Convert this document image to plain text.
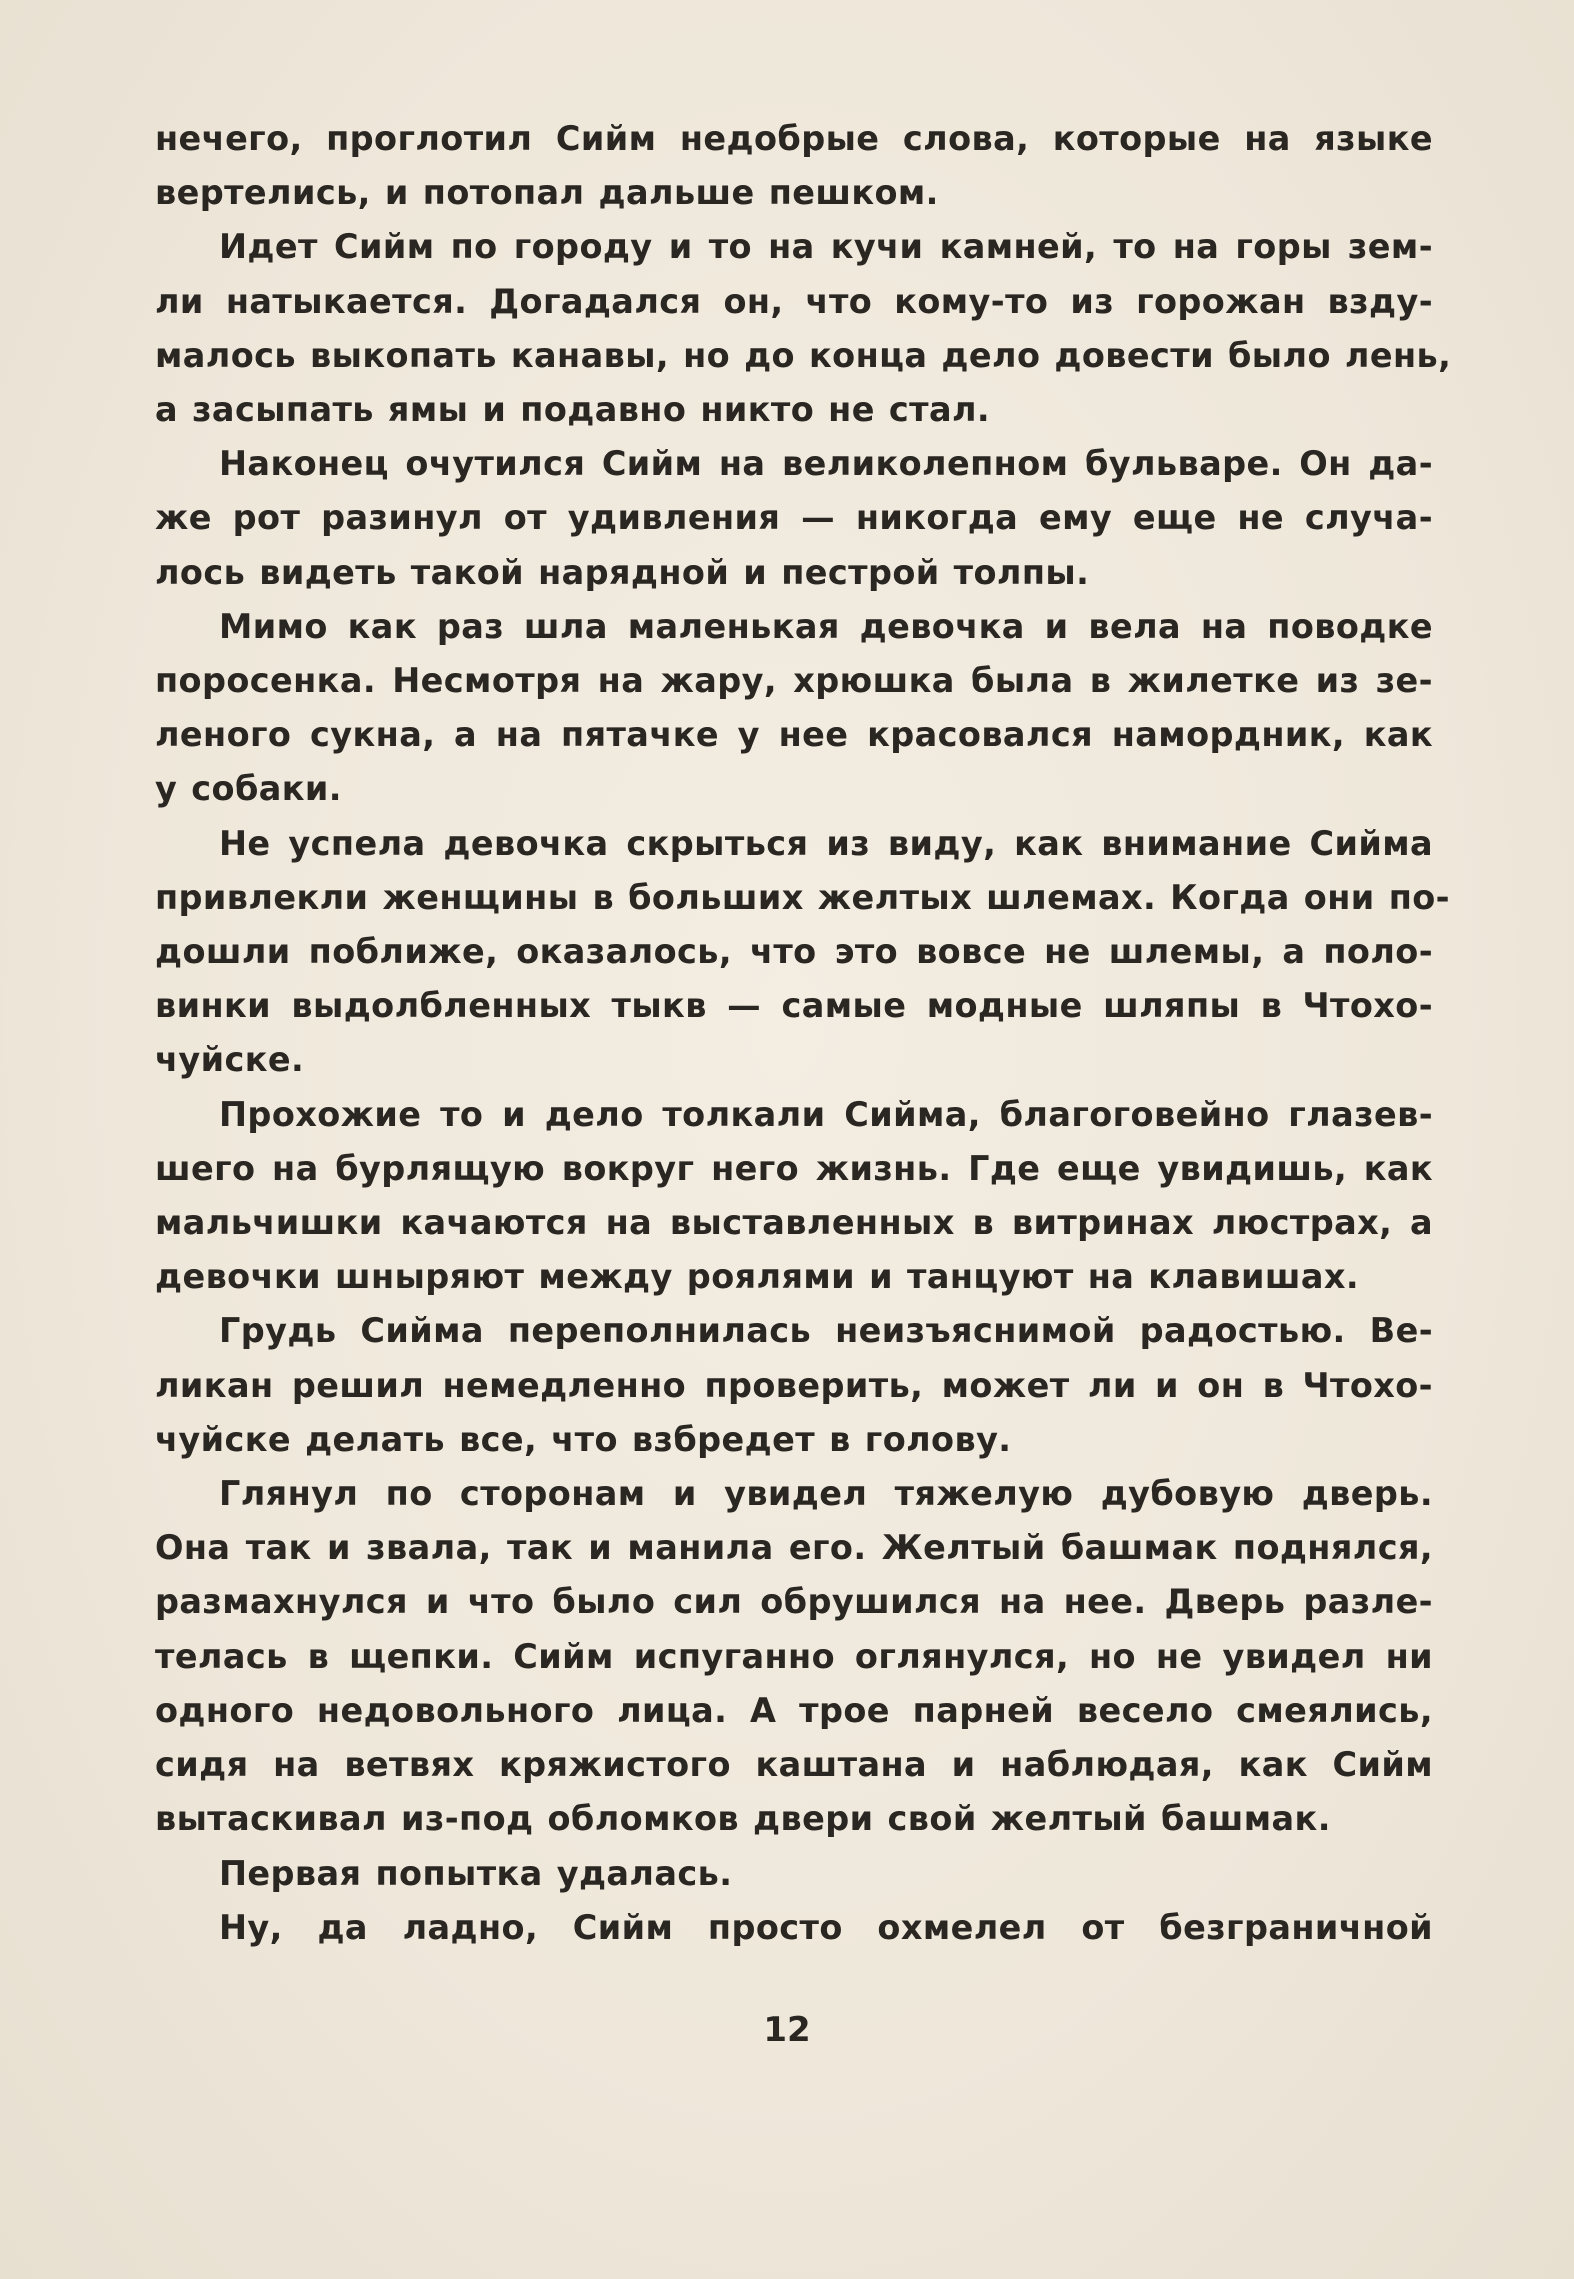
нечего, проглотил Сийм недобрые слова, которые на языке
вертелись, и потопал дальше пешком.
Идет Сийм по городу и то на кучи камней, то на горы зем-
ли натыкается. Догадался он, что кому-то из горожан взду-
малось выкопать канавы, но до конца дело довести было лень,
а засыпать ямы и подавно никто не стал.
Наконец очутился Сийм на великолепном бульваре. Он да-
же рот разинул от удивления — никогда ему еще не случа-
лось видеть такой нарядной и пестрой толпы.
Мимо как раз шла маленькая девочка и вела на поводке
поросенка. Несмотря на жару, хрюшка была в жилетке из зе-
леного сукна, а на пятачке у нее красовался намордник, как
у собаки.
Не успела девочка скрыться из виду, как внимание Сийма
привлекли женщины в больших желтых шлемах. Когда они по-
дошли поближе, оказалось, что это вовсе не шлемы, а поло-
винки выдолбленных тыкв — самые модные шляпы в Чтохо-
чуйске.
Прохожие то и дело толкали Сийма, благоговейно глазев-
шего на бурлящую вокруг него жизнь. Где еще увидишь, как
мальчишки качаются на выставленных в витринах люстрах, а
девочки шныряют между роялями и танцуют на клавишах.
Грудь Сийма переполнилась неизъяснимой радостью. Ве-
ликан решил немедленно проверить, может ли и он в Чтохо-
чуйске делать все, что взбредет в голову.
Глянул по сторонам и увидел тяжелую дубовую дверь.
Она так и звала, так и манила его. Желтый башмак поднялся,
размахнулся и что было сил обрушился на нее. Дверь разле-
телась в щепки. Сийм испуганно оглянулся, но не увидел ни
одного недовольного лица. А трое парней весело смеялись,
сидя на ветвях кряжистого каштана и наблюдая, как Сийм
вытаскивал из-под обломков двери свой желтый башмак.
Первая попытка удалась.
Ну, да ладно, Сийм просто охмелел от безграничной
12
